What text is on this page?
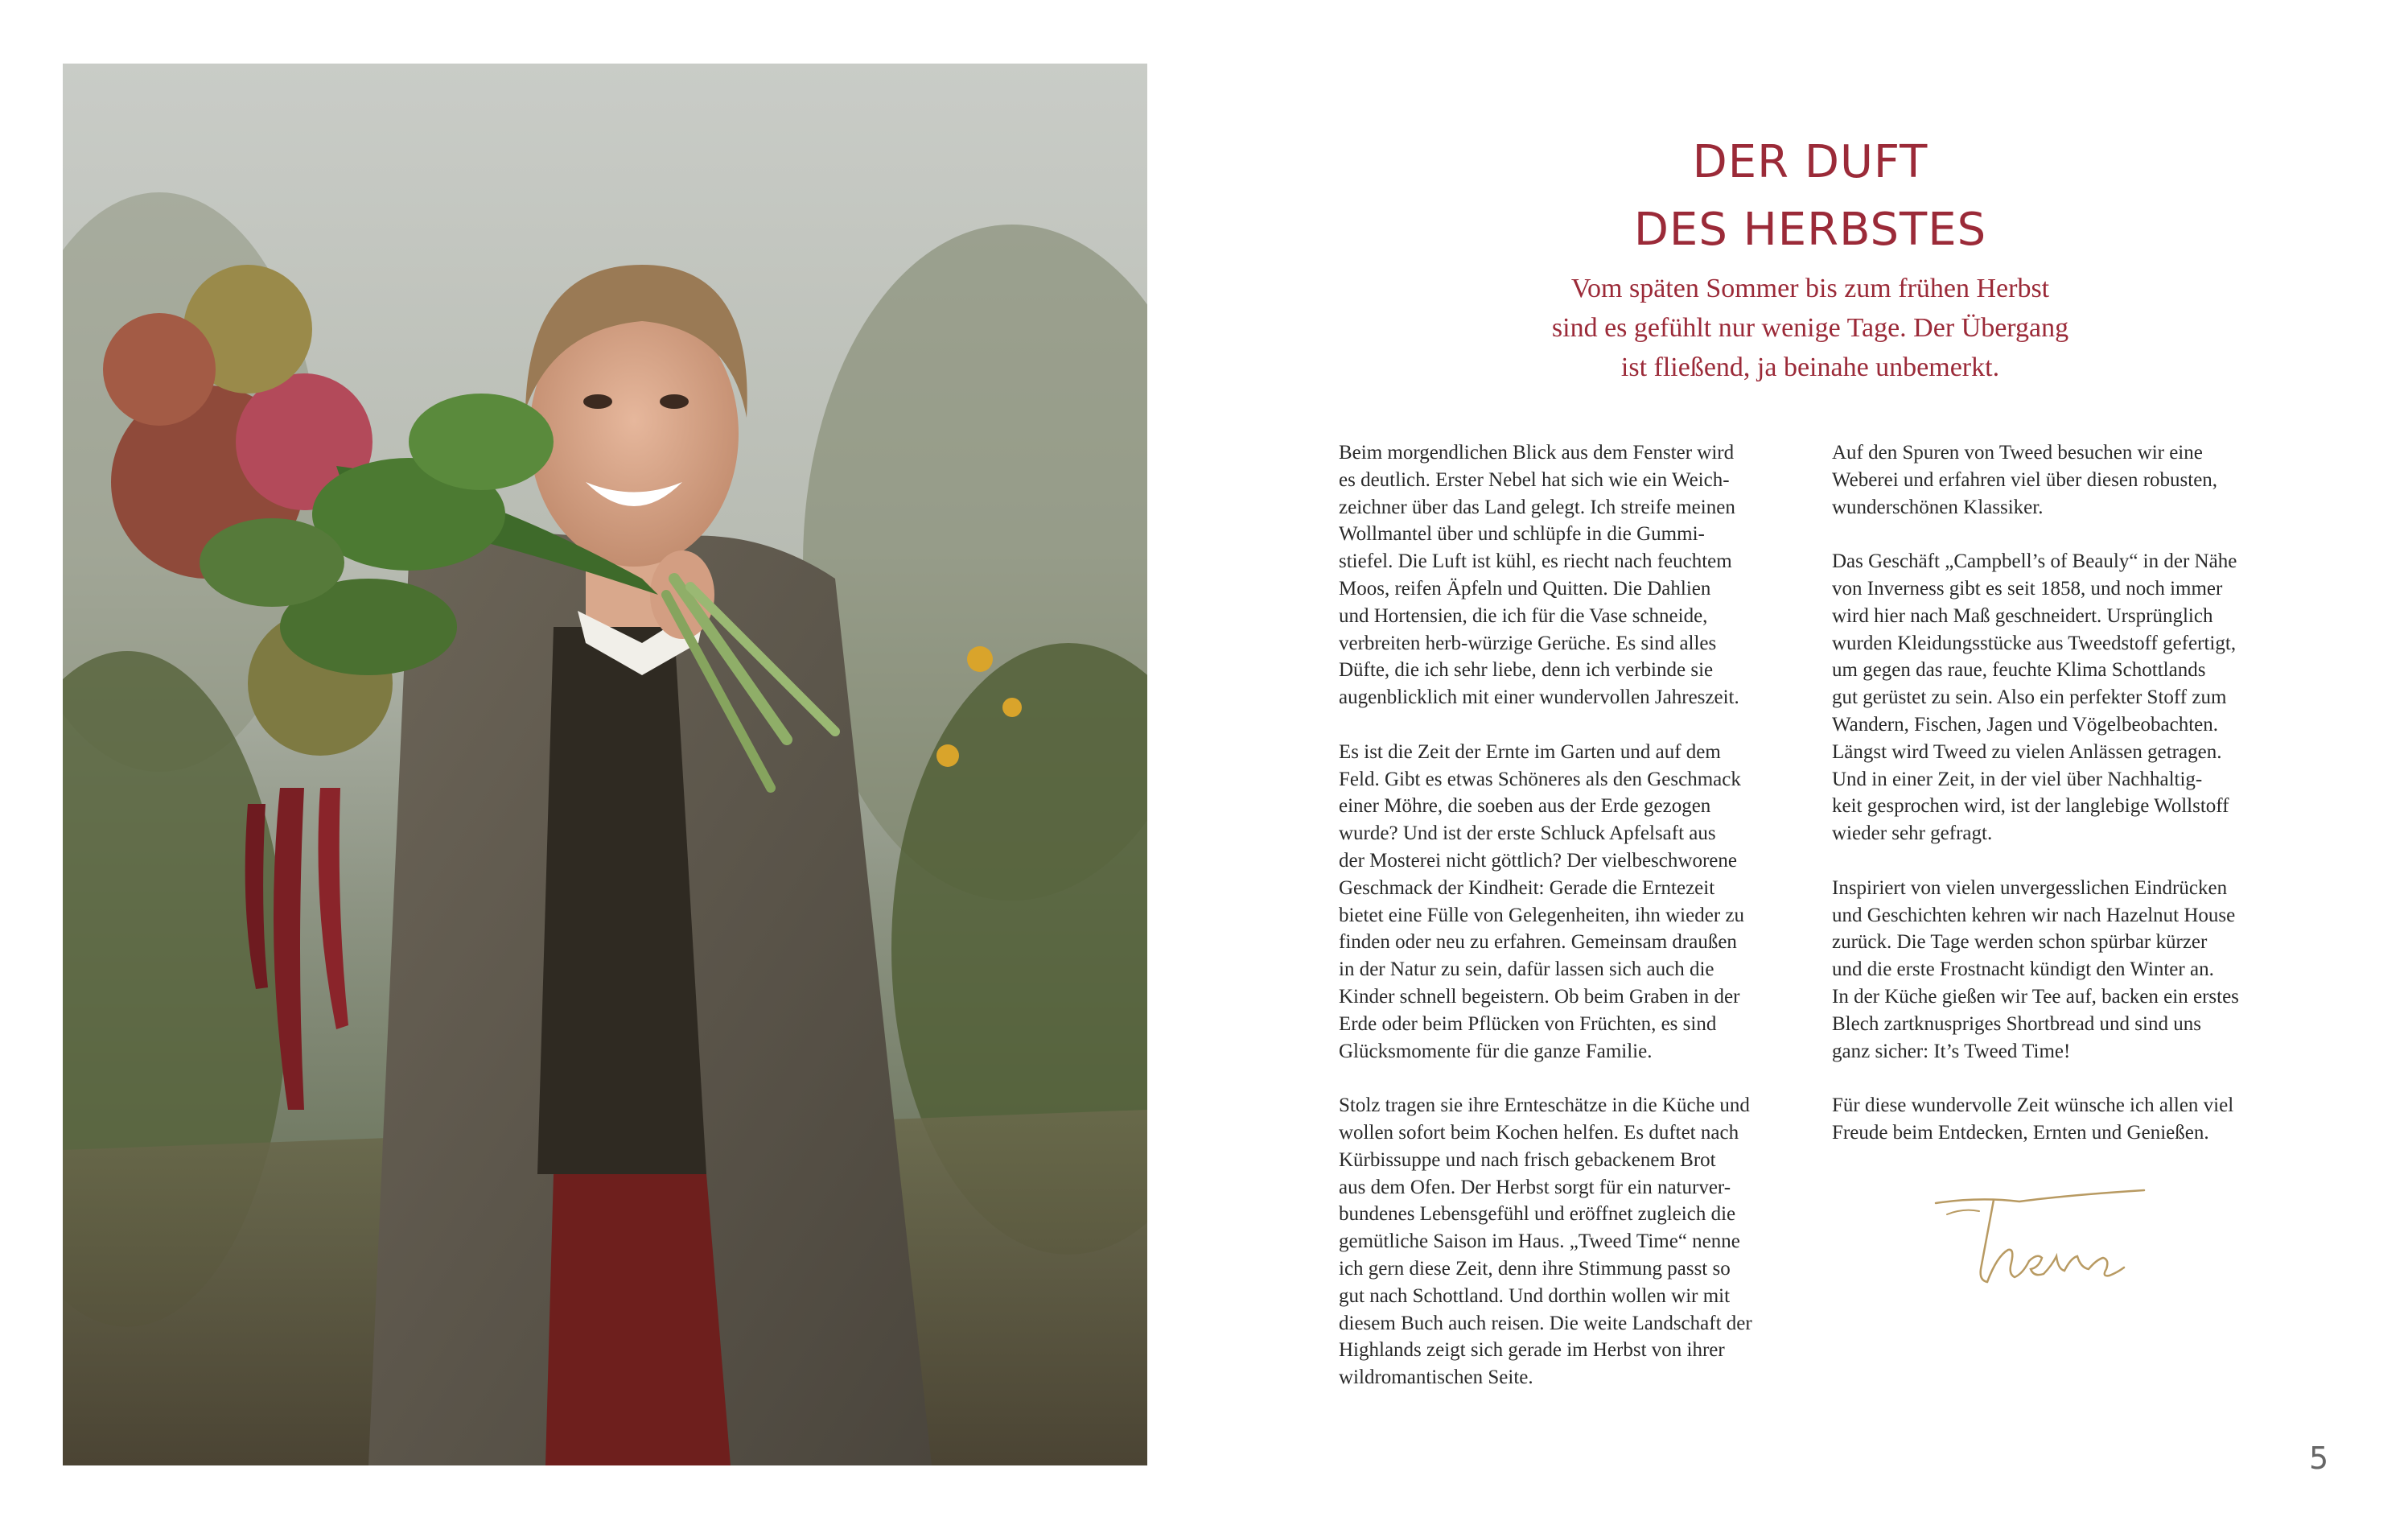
DER DUFT
DES HERBSTES
Vom späten Sommer bis zum frühen Herbst
sind es gefühlt nur wenige Tage. Der Übergang
ist fließend, ja beinahe unbemerkt.

Beim morgendlichen Blick aus dem Fenster wird
es deutlich. Erster Nebel hat sich wie ein Weich-
zeichner über das Land gelegt. Ich streife meinen
Wollmantel über und schlüpfe in die Gummi-
stiefel. Die Luft ist kühl, es riecht nach feuchtem
Moos, reifen Äpfeln und Quitten. Die Dahlien
und Hortensien, die ich für die Vase schneide,
verbreiten herb-würzige Gerüche. Es sind alles
Düfte, die ich sehr liebe, denn ich verbinde sie
augenblicklich mit einer wundervollen Jahreszeit.

Es ist die Zeit der Ernte im Garten und auf dem
Feld. Gibt es etwas Schöneres als den Geschmack
einer Möhre, die soeben aus der Erde gezogen
wurde? Und ist der erste Schluck Apfelsaft aus
der Mosterei nicht göttlich? Der vielbeschworene
Geschmack der Kindheit: Gerade die Erntezeit
bietet eine Fülle von Gelegenheiten, ihn wieder zu
finden oder neu zu erfahren. Gemeinsam draußen
in der Natur zu sein, dafür lassen sich auch die
Kinder schnell begeistern. Ob beim Graben in der
Erde oder beim Pflücken von Früchten, es sind
Glücksmomente für die ganze Familie.

Stolz tragen sie ihre Ernteschätze in die Küche und
wollen sofort beim Kochen helfen. Es duftet nach
Kürbissuppe und nach frisch gebackenem Brot
aus dem Ofen. Der Herbst sorgt für ein naturver-
bundenes Lebensgefühl und eröffnet zugleich die
gemütliche Saison im Haus. „Tweed Time“ nenne
ich gern diese Zeit, denn ihre Stimmung passt so
gut nach Schottland. Und dorthin wollen wir mit
diesem Buch auch reisen. Die weite Landschaft der
Highlands zeigt sich gerade im Herbst von ihrer
wildromantischen Seite.

Auf den Spuren von Tweed besuchen wir eine
Weberei und erfahren viel über diesen robusten,
wunderschönen Klassiker.

Das Geschäft „Campbell’s of Beauly“ in der Nähe
von Inverness gibt es seit 1858, und noch immer
wird hier nach Maß geschneidert. Ursprünglich
wurden Kleidungsstücke aus Tweedstoff gefertigt,
um gegen das raue, feuchte Klima Schottlands
gut gerüstet zu sein. Also ein perfekter Stoff zum
Wandern, Fischen, Jagen und Vögelbeobachten.
Längst wird Tweed zu vielen Anlässen getragen.
Und in einer Zeit, in der viel über Nachhaltig-
keit gesprochen wird, ist der langlebige Wollstoff
wieder sehr gefragt.

Inspiriert von vielen unvergesslichen Eindrücken
und Geschichten kehren wir nach Hazelnut House
zurück. Die Tage werden schon spürbar kürzer
und die erste Frostnacht kündigt den Winter an.
In der Küche gießen wir Tee auf, backen ein erstes
Blech zartknuspriges Shortbread und sind uns
ganz sicher: It’s Tweed Time!

Für diese wundervolle Zeit wünsche ich allen viel
Freude beim Entdecken, Ernten und Genießen.

5
